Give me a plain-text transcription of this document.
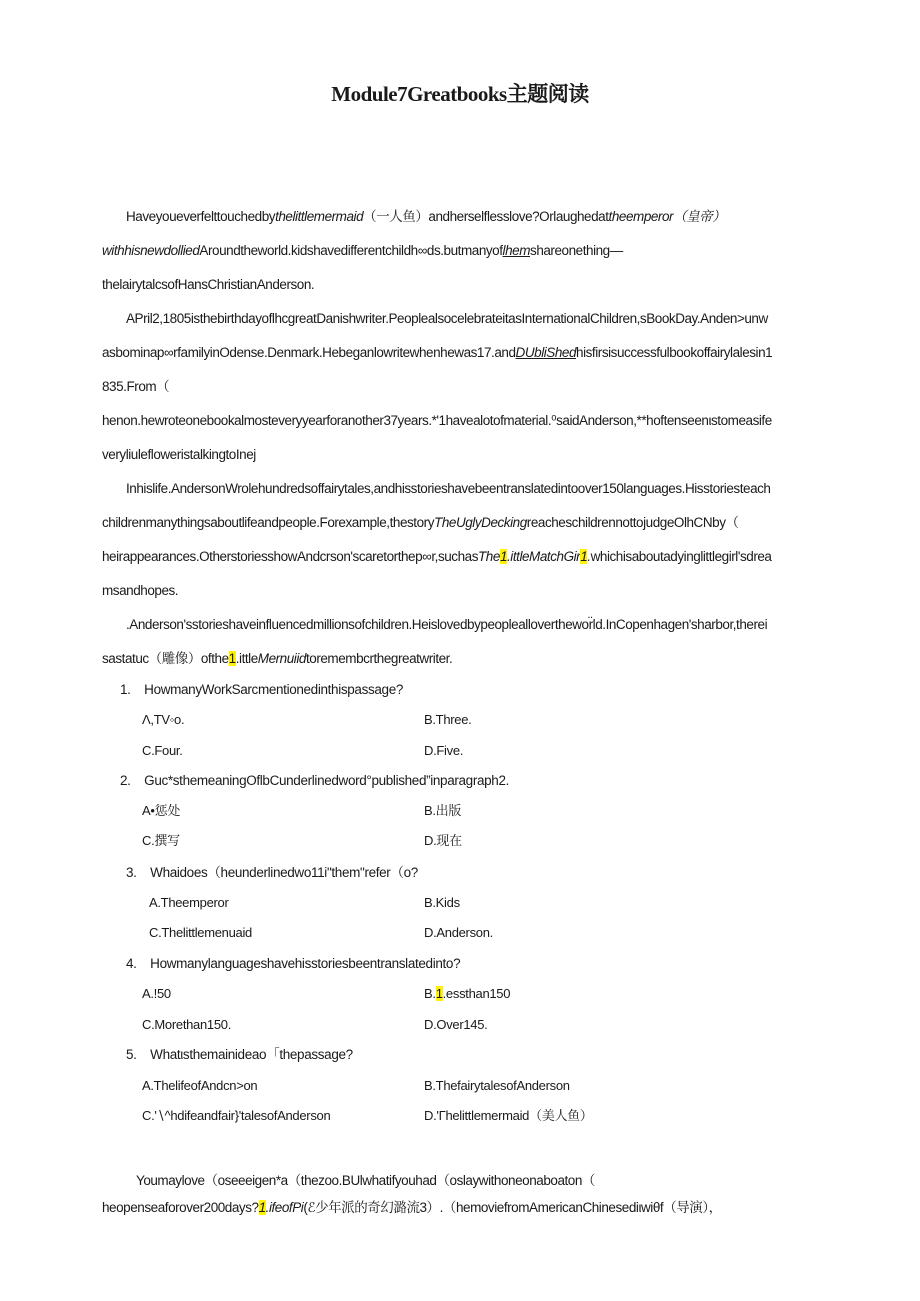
Module7Greatbooks主题阅读
Haveyoueverfelttouchedbythelittlemermaid（一人鱼）andherselflesslove?Orlaughedattheemperor（皇帝）
withhisnewdolliedAroundtheworld.kidshavedifferentchildh∞ds.butmanyoflhemshareonething—
thelairytalcsofHansChristianAnderson.
APril2,1805isthebirthdayoflhcgreatDanishwriter.PeoplealsocelebrateitasInternationalChildren,sBookDay.Anden>unw
asbominap∞rfamilyinOdense.Denmark.Hebeganlowritewhenhewas17.andDUbliShedhisfirsisuccessfulbookoffairylalesin1
835.From（
henon.hewroteonebookalmosteveryyearforanother37years.*'1havealotofmaterial.⁰saidAnderson,**hoftenseenιstomeasife
veryliulefloweristalkingtoInej
Inhislife.AndersonWrolehundredsoffairytales,andhisstorieshavebeentranslatedintoover150languages.Hisstoriesteach
childrenmanythingsaboutlifeandpeople.Forexample,thestoryTheUglyDeckingreacheschildrennottojudgeOlhCNby（
heirappearances.OtherstoriesshowAndcrson'scaretorthep∞r,suchasThe1.ittleMatchGir1.whichisaboutadyinglittlegirl'sdrea
msandhopes.
.Anderson'sstorieshaveinfluencedmillionsofchildren.Heislovedbypeoplealloverthewor̈ld.InCopenhagen'sharbor,therei
sastatuc（雕像）ofthe1.ittleMernuiidtoremembcrthegreatwriter.
1. HowmanyWorkSarcmentionedinthispassage?
Λ,TV◦o.	B.Three.
C.Four.	D.Five.
2. Guc*sthemeaningOflbCunderlinedword°published”inparagraph2.
A•惩处	B.出版
C.撰写	D.现在
3. Whaidoes（heunderlinedwo11i"them"refer（o?
A.Theemperor	B.Kids
C.Thelittlemenuaid	D.Anderson.
4. Howmanylanguageshavehisstoriesbeentranslatedinto?
A.!50	B.1.essthan150
C.Morethan150.	D.Over145.
5. Whatιsthemainideao「thepassage?
A.ThelifeofAndcn>on	B.ThefairytalesofAnderson
C.'∖^hdifeandfair}'talesofAnderson	D.'Γhelittlemermaid（美人鱼）
Youmaylove（oseeeigen*a（thezoo.BUlwhatifyouhad（oslaywithoneonaboaton（
heopenseaforover200days?1.ifeofPi(ℰ少年派的奇幻潞流3）.（hemoviefromAmericanChinesediιwiθf（导演），
